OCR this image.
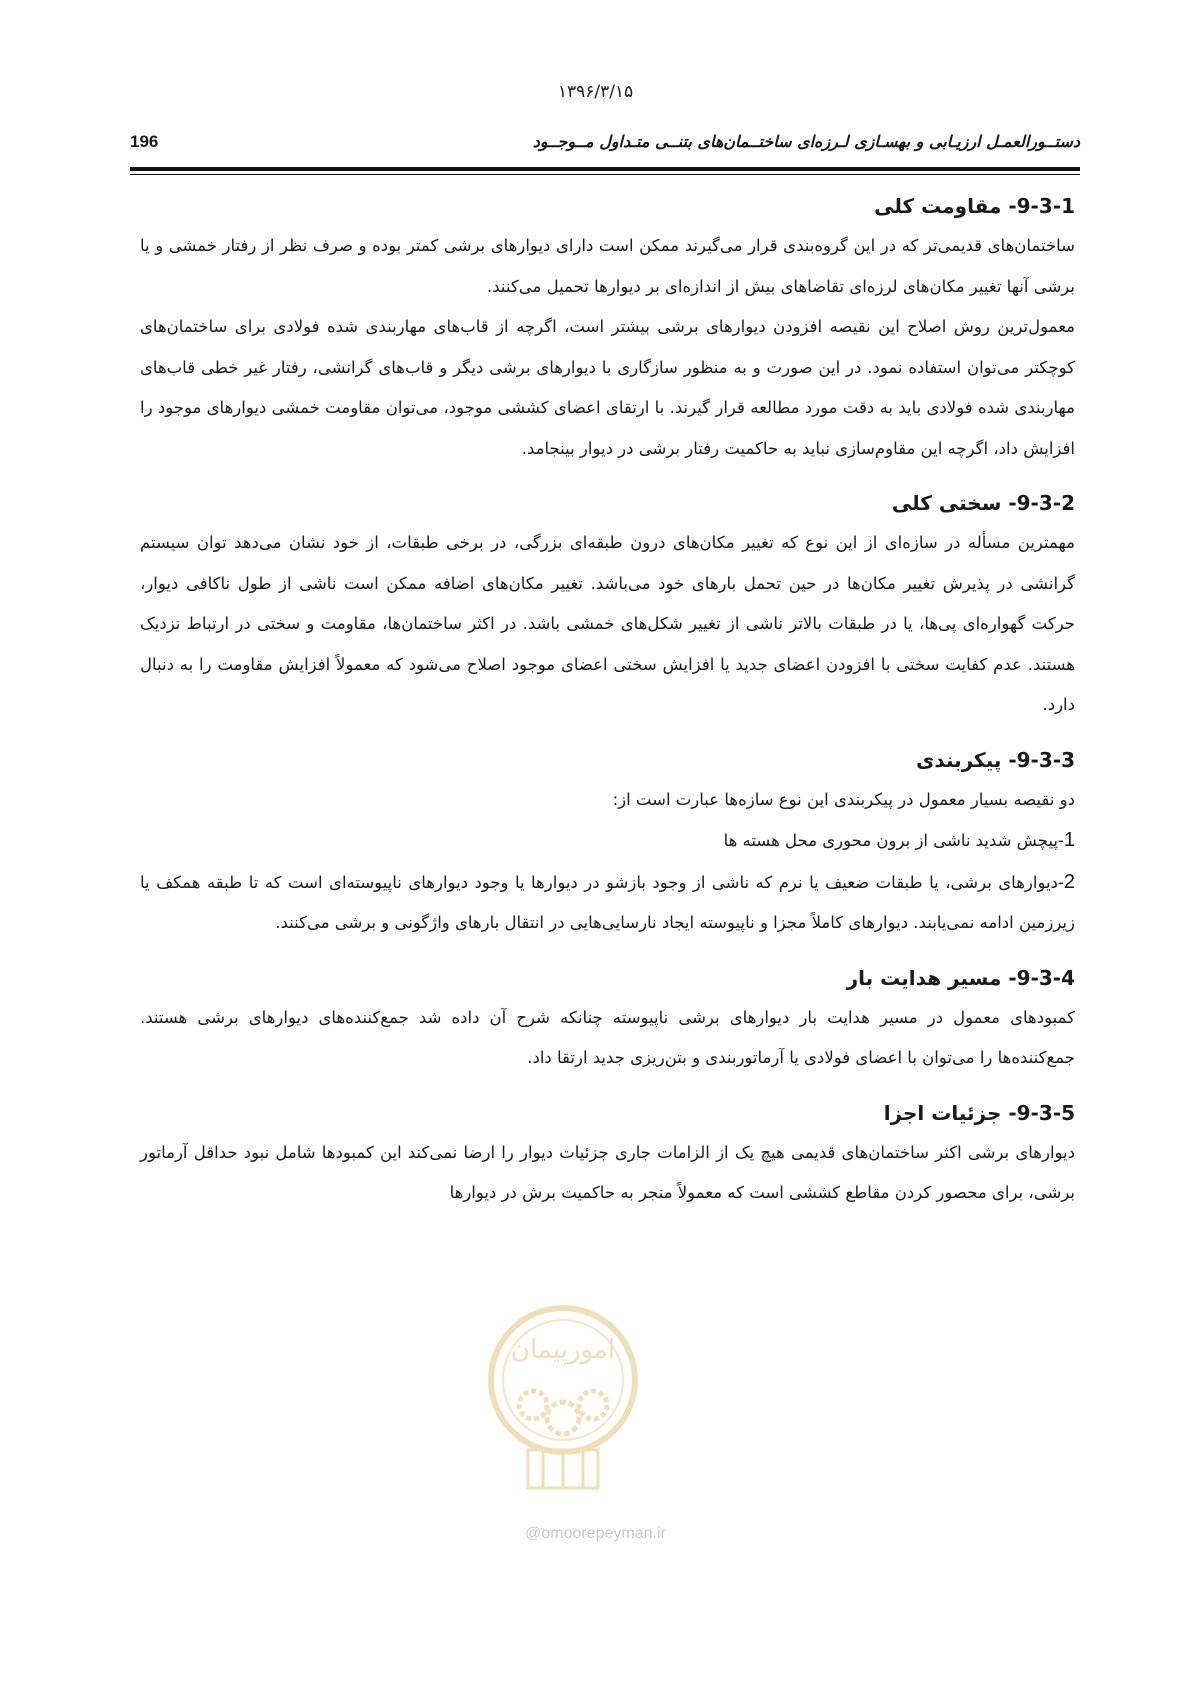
۱۳۹۶/۳/۱۵
196	دستــورالعمـل ارزیـابی و بهسـازی لـرزه‌ای ساختــمان‌های بتنــی متـداول مــوجــود
9-3-1- مقاومت کلی

ساختمان‌های قدیمی‌تر که در این گروه‌بندی قرار می‌گیرند ممکن است دارای دیوارهای برشی کمتر بوده و صرف نظر از رفتار خمشی و یا برشی آنها تغییر مکان‌های لرزه‌ای تقاضاهای بیش از اندازه‌ای بر دیوارها تحمیل می‌کنند.

معمول‌ترین روش اصلاح این نقیصه افزودن دیوارهای برشی بیشتر است، اگرچه از قاب‌های مهاربندی شده فولادی برای ساختمان‌های کوچکتر می‌توان استفاده نمود. در این صورت و به منظور سازگاری با دیوارهای برشی دیگر و قاب‌های گرانشی، رفتار غیر خطی قاب‌های مهاربندی شده فولادی باید به دقت مورد مطالعه قرار گیرند. با ارتقای اعضای کششی موجود، می‌توان مقاومت خمشی دیوارهای موجود را افزایش داد، اگرچه این مقاوم‌سازی نباید به حاکمیت رفتار برشی در دیوار بینجامد.

9-3-2- سختی کلی

مهمترین مسأله در سازه‌ای از این نوع که تغییر مکان‌های درون طبقه‌ای بزرگی، در برخی طبقات، از خود نشان می‌دهد توان سیستم گرانشی در پذیرش تغییر مکان‌ها در حین تحمل بارهای خود می‌باشد. تغییر مکان‌های اضافه ممکن است ناشی از طول ناکافی دیوار، حرکت گهواره‌ای پی‌ها، یا در طبقات بالاتر ناشی از تغییر شکل‌های خمشی باشد. در اکثر ساختمان‌ها، مقاومت و سختی در ارتباط نزدیک هستند. عدم کفایت سختی با افزودن اعضای جدید یا افزایش سختی اعضای موجود اصلاح می‌شود که معمولاً افزایش مقاومت را به دنبال دارد.

9-3-3- پیکربندی

دو نقیصه بسیار معمول در پیکربندی این نوع سازه‌ها عبارت است از:

1-پیچش شدید ناشی از برون محوری محل هسته ها

2-دیوارهای برشی، یا طبقات ضعیف یا نرم که ناشی از وجود بازشو در دیوارها یا وجود دیوارهای ناپیوسته‌ای است که تا طبقه همکف یا زیرزمین ادامه نمی‌یابند. دیوارهای کاملاً مجزا و ناپیوسته ایجاد نارسایی‌هایی در انتقال بارهای واژگونی و برشی می‌کنند.

9-3-4- مسیر هدایت بار

کمبودهای معمول در مسیر هدایت بار دیوارهای برشی ناپیوسته چنانکه شرح آن داده شد جمع‌کننده‌های دیوارهای برشی هستند. جمع‌کننده‌ها را می‌توان با اعضای فولادی یا آرماتوربندی و بتن‌ریزی جدید ارتقا داد.

9-3-5- جزئیات اجزا

دیوارهای برشی اکثر ساختمان‌های قدیمی هیچ یک از الزامات جاری جزئیات دیوار را ارضا نمی‌کند این کمبودها شامل نبود حداقل آرماتور برشی، برای محصور کردن مقاطع کششی است که معمولاً منجر به حاکمیت برش در دیوارها

امورپیمان
@omoorepeyman.ir
